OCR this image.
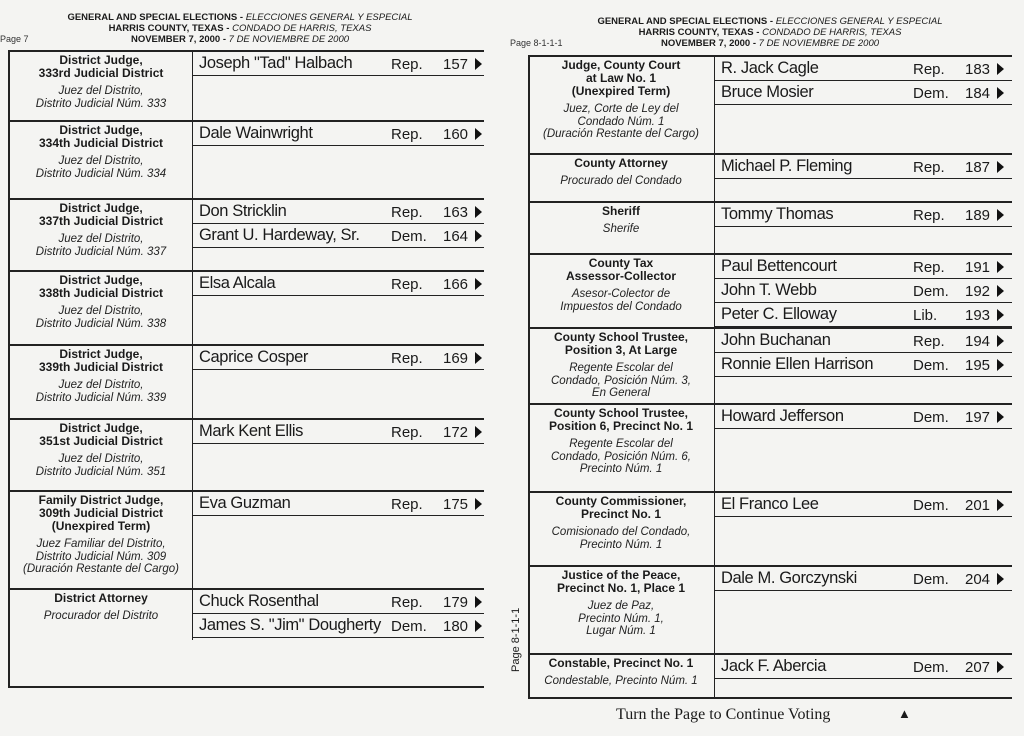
Page 7
GENERAL AND SPECIAL ELECTIONS - ELECCIONES GENERAL Y ESPECIAL
HARRIS COUNTY, TEXAS - CONDADO DE HARRIS, TEXAS
NOVEMBER 7, 2000 - 7 DE NOVIEMBRE DE 2000
District Judge,
333rd Judicial District
Juez del Distrito,
Distrito Judicial Núm. 333
Joseph "Tad" Halbach	Rep. 157
District Judge,
334th Judicial District
Juez del Distrito,
Distrito Judicial Núm. 334
Dale Wainwright	Rep. 160
District Judge,
337th Judicial District
Juez del Distrito,
Distrito Judicial Núm. 337
Don Stricklin	Rep. 163
Grant U. Hardeway, Sr. Dem. 164
District Judge,
338th Judicial District
Juez del Distrito,
Distrito Judicial Núm. 338
Elsa Alcala	Rep. 166
District Judge,
339th Judicial District
Juez del Distrito,
Distrito Judicial Núm. 339
Caprice Cosper	Rep. 169
District Judge,
351st Judicial District
Juez del Distrito,
Distrito Judicial Núm. 351
Mark Kent Ellis	Rep. 172
Family District Judge,
309th Judicial District
(Unexpired Term)
Juez Familiar del Distrito,
Distrito Judicial Núm. 309
(Duración Restante del Cargo)
Eva Guzman	Rep. 175
District Attorney
Procurador del Distrito
Chuck Rosenthal	Rep. 179
James S. "Jim" Dougherty Dem. 180
Page 8-1-1-1
GENERAL AND SPECIAL ELECTIONS - ELECCIONES GENERAL Y ESPECIAL
HARRIS COUNTY, TEXAS - CONDADO DE HARRIS, TEXAS
NOVEMBER 7, 2000 - 7 DE NOVIEMBRE DE 2000
Judge, County Court
at Law No. 1
(Unexpired Term)
Juez, Corte de Ley del
Condado Núm. 1
(Duración Restante del Cargo)
R. Jack Cagle	Rep. 183
Bruce Mosier	Dem. 184
County Attorney
Procurado del Condado
Michael P. Fleming	Rep. 187
Sheriff
Sherife
Tommy Thomas	Rep. 189
County Tax
Assessor-Collector
Asesor-Colector de
Impuestos del Condado
Paul Bettencourt	Rep. 191
John T. Webb	Dem. 192
Peter C. Elloway	Lib. 193
County School Trustee,
Position 3, At Large
Regente Escolar del
Condado, Posición Núm. 3,
En General
John Buchanan	Rep. 194
Ronnie Ellen Harrison	Dem. 195
County School Trustee,
Position 6, Precinct No. 1
Regente Escolar del
Condado, Posición Núm. 6,
Precinto Núm. 1
Howard Jefferson	Dem. 197
County Commissioner,
Precinct No. 1
Comisionado del Condado,
Precinto Núm. 1
El Franco Lee	Dem. 201
Justice of the Peace,
Precinct No. 1, Place 1
Juez de Paz,
Precinto Núm. 1,
Lugar Núm. 1
Dale M. Gorczynski	Dem. 204
Constable, Precinct No. 1
Condestable, Precinto Núm. 1
Jack F. Abercia	Dem. 207
Page 8-1-1-1
Turn the Page to Continue Voting	▲
